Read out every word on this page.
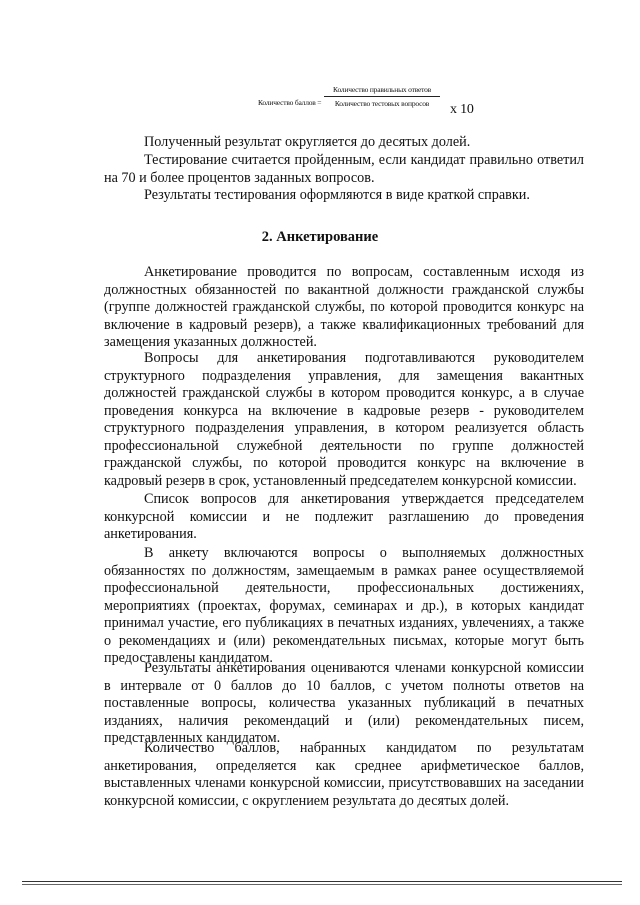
Количество баллов =
Количество правильных ответов
Количество тестовых вопросов	х 10

Полученный результат округляется до десятых долей.

Тестирование считается пройденным, если кандидат правильно ответил на 70 и более процентов заданных вопросов.

Результаты тестирования оформляются в виде краткой справки.

2. Анкетирование

Анкетирование проводится по вопросам, составленным исходя из должностных обязанностей по вакантной должности гражданской службы (группе должностей гражданской службы, по которой проводится конкурс на включение в кадровый резерв), а также квалификационных требований для замещения указанных должностей.

Вопросы для анкетирования подготавливаются руководителем структурного подразделения управления, для замещения вакантных должностей гражданской службы в котором проводится конкурс, а в случае проведения конкурса на включение в кадровые резерв - руководителем структурного подразделения управления, в котором реализуется область профессиональной служебной деятельности по группе должностей гражданской службы, по которой проводится конкурс на включение в кадровый резерв в срок, установленный председателем конкурсной комиссии.

Список вопросов для анкетирования утверждается председателем конкурсной комиссии и не подлежит разглашению до проведения анкетирования.

В анкету включаются вопросы о выполняемых должностных обязанностях по должностям, замещаемым в рамках ранее осуществляемой профессиональной деятельности, профессиональных достижениях, мероприятиях (проектах, форумах, семинарах и др.), в которых кандидат принимал участие, его публикациях в печатных изданиях, увлечениях, а также о рекомендациях и (или) рекомендательных письмах, которые могут быть предоставлены кандидатом.

Результаты анкетирования оцениваются членами конкурсной комиссии в интервале от 0 баллов до 10 баллов, с учетом полноты ответов на поставленные вопросы, количества указанных публикаций в печатных изданиях, наличия рекомендаций и (или) рекомендательных писем, представленных кандидатом.

Количество баллов, набранных кандидатом по результатам анкетирования, определяется как среднее арифметическое баллов, выставленных членами конкурсной комиссии, присутствовавших на заседании конкурсной комиссии, с округлением результата до десятых долей.
